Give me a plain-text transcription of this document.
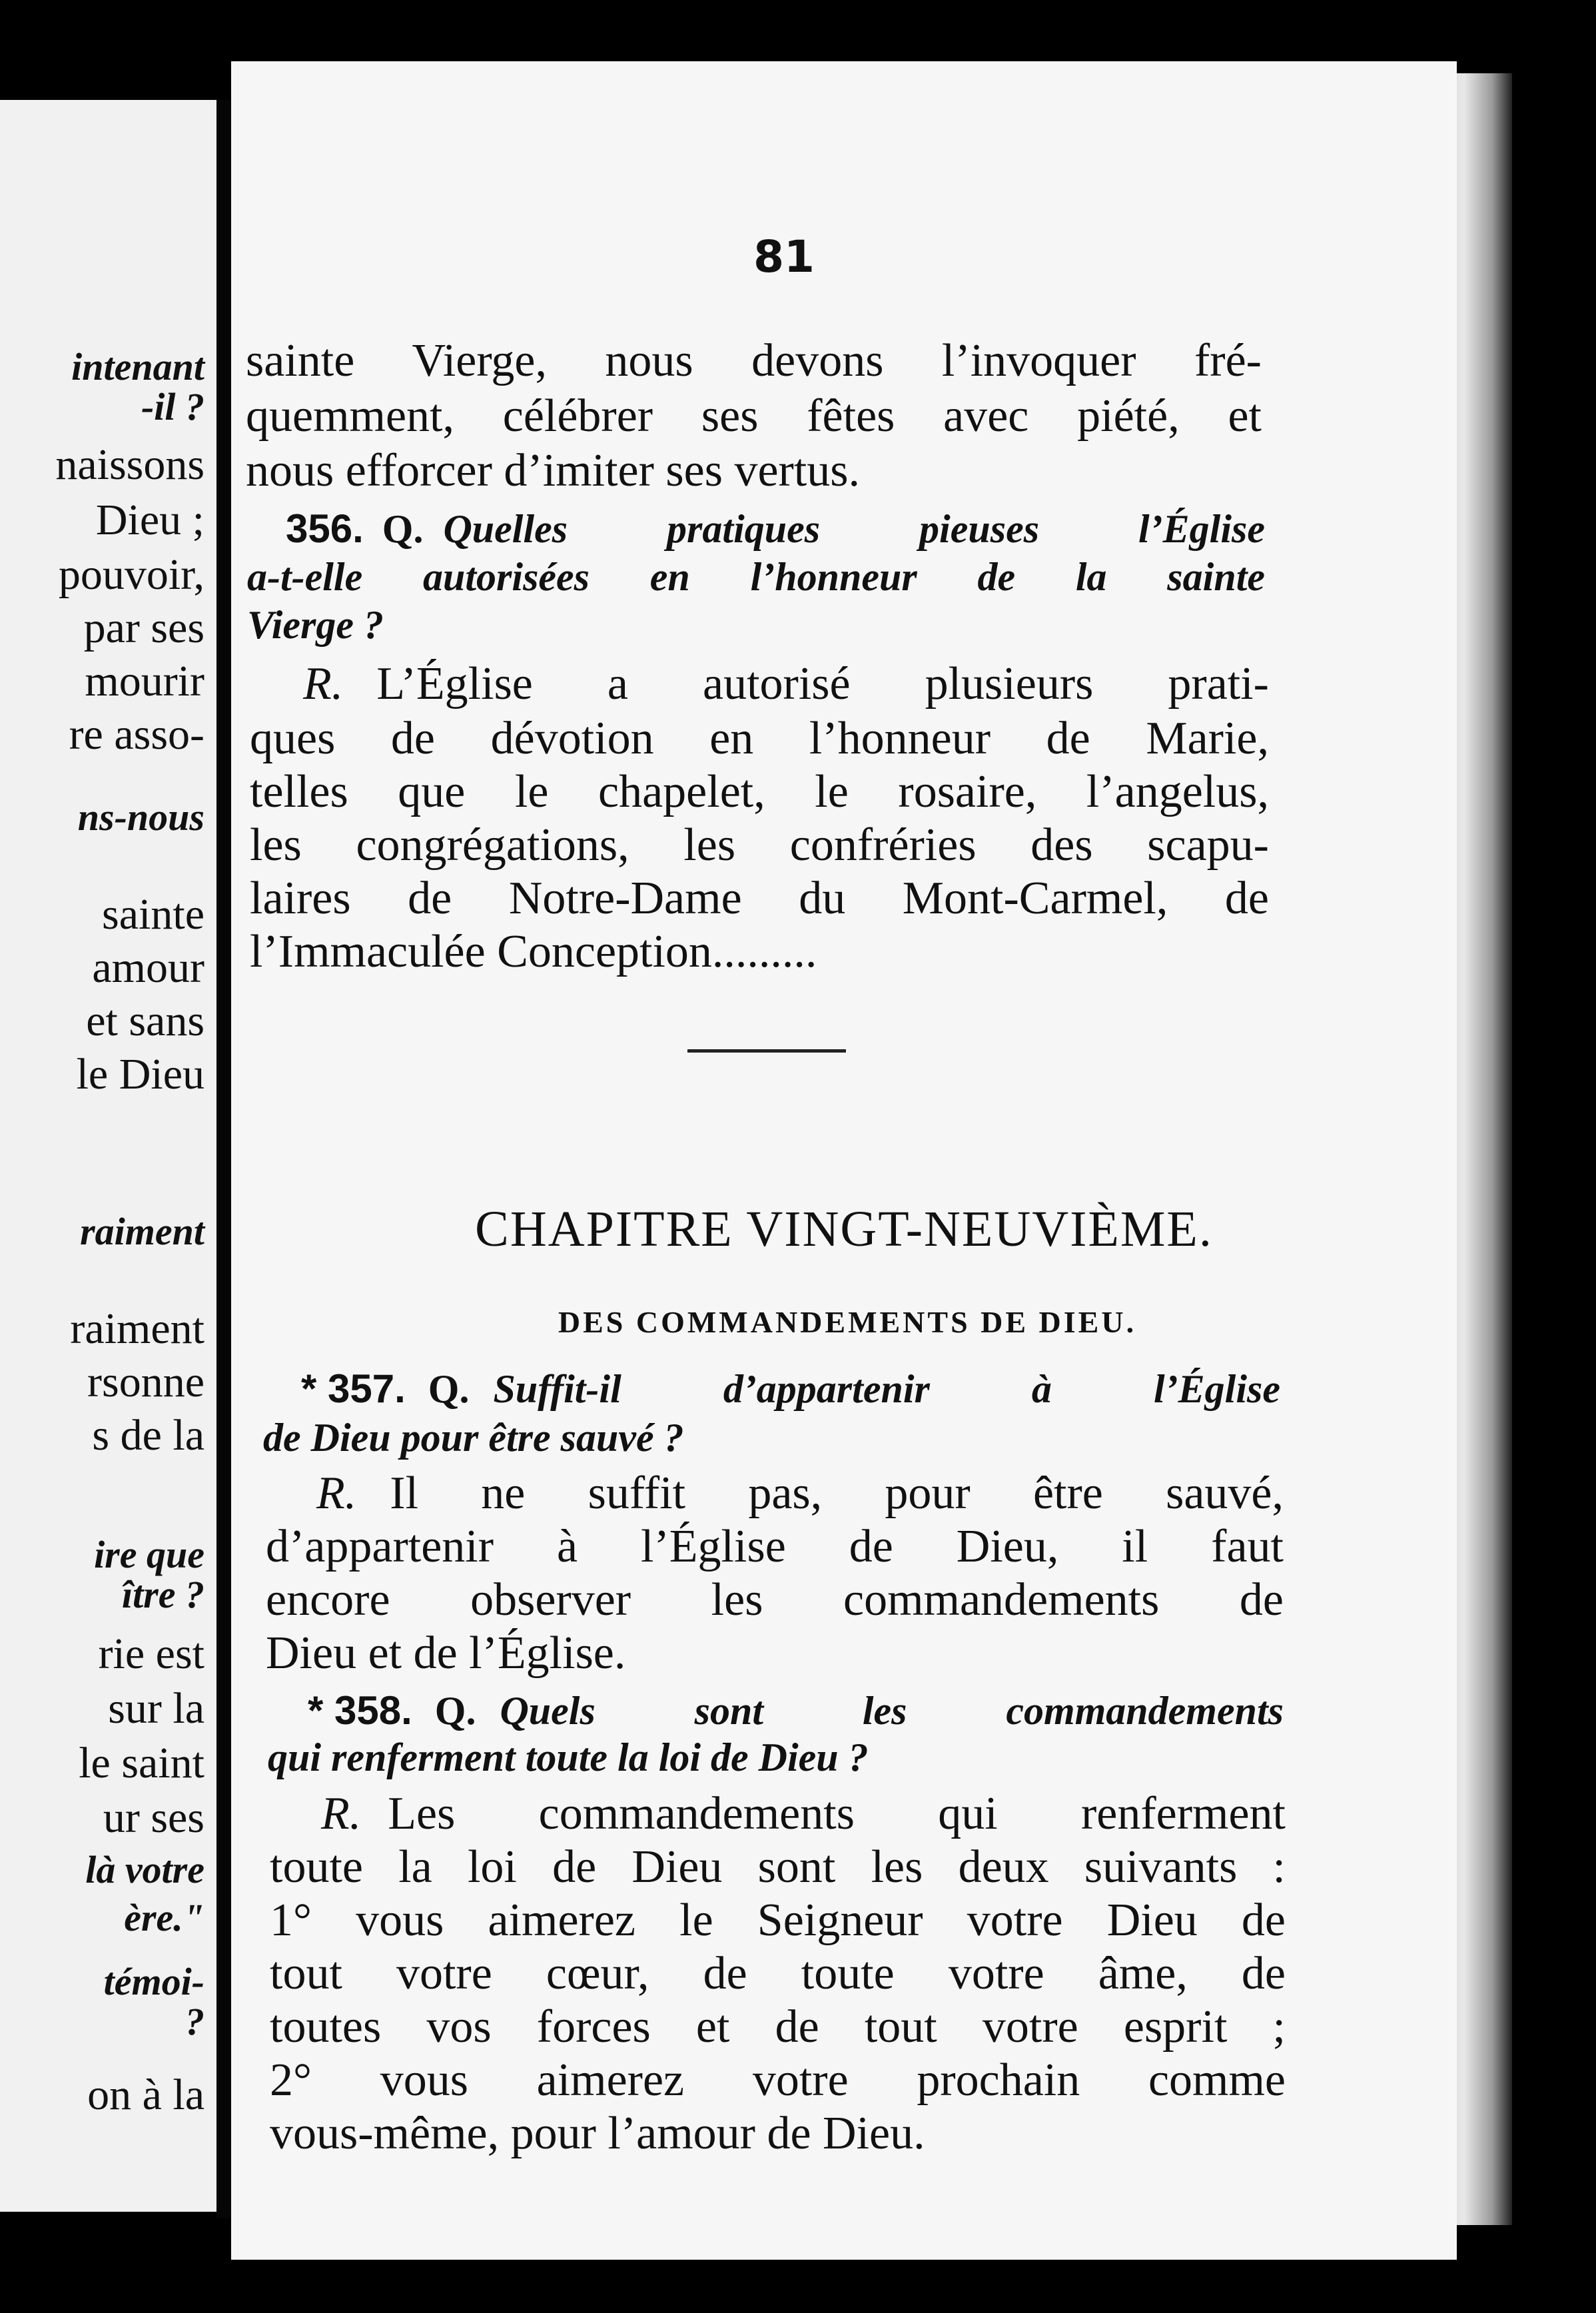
intenant
-il ?
naissons
Dieu ;
pouvoir,
par ses
mourir
re asso-
ns-nous
sainte
amour
et sans
le Dieu
raiment
raiment
rsonne
s de la
ire que
ître ?
rie est
sur la
le saint
ur ses
là votre
ère."
témoi-
?
on à la
81
sainte Vierge, nous devons l’invoquer fré-
quemment, célébrer ses fêtes avec piété, et
nous efforcer d’imiter ses vertus.
356. Q. Quelles pratiques pieuses l’Église
a-t-elle autorisées en l’honneur de la sainte
Vierge ?
R. L’Église a autorisé plusieurs prati-
ques de dévotion en l’honneur de Marie,
telles que le chapelet, le rosaire, l’angelus,
les congrégations, les confréries des scapu-
laires de Notre-Dame du Mont-Carmel, de
l’Immaculée Conception.........
CHAPITRE VINGT-NEUVIÈME.
DES COMMANDEMENTS DE DIEU.
* 357. Q. Suffit-il d’appartenir à l’Église
de Dieu pour être sauvé ?
R. Il ne suffit pas, pour être sauvé,
d’appartenir à l’Église de Dieu, il faut
encore observer les commandements de
Dieu et de l’Église.
* 358. Q. Quels sont les commandements
qui renferment toute la loi de Dieu ?
R. Les commandements qui renferment
toute la loi de Dieu sont les deux suivants :
1° vous aimerez le Seigneur votre Dieu de
tout votre cœur, de toute votre âme, de
toutes vos forces et de tout votre esprit ;
2° vous aimerez votre prochain comme
vous-même, pour l’amour de Dieu.
